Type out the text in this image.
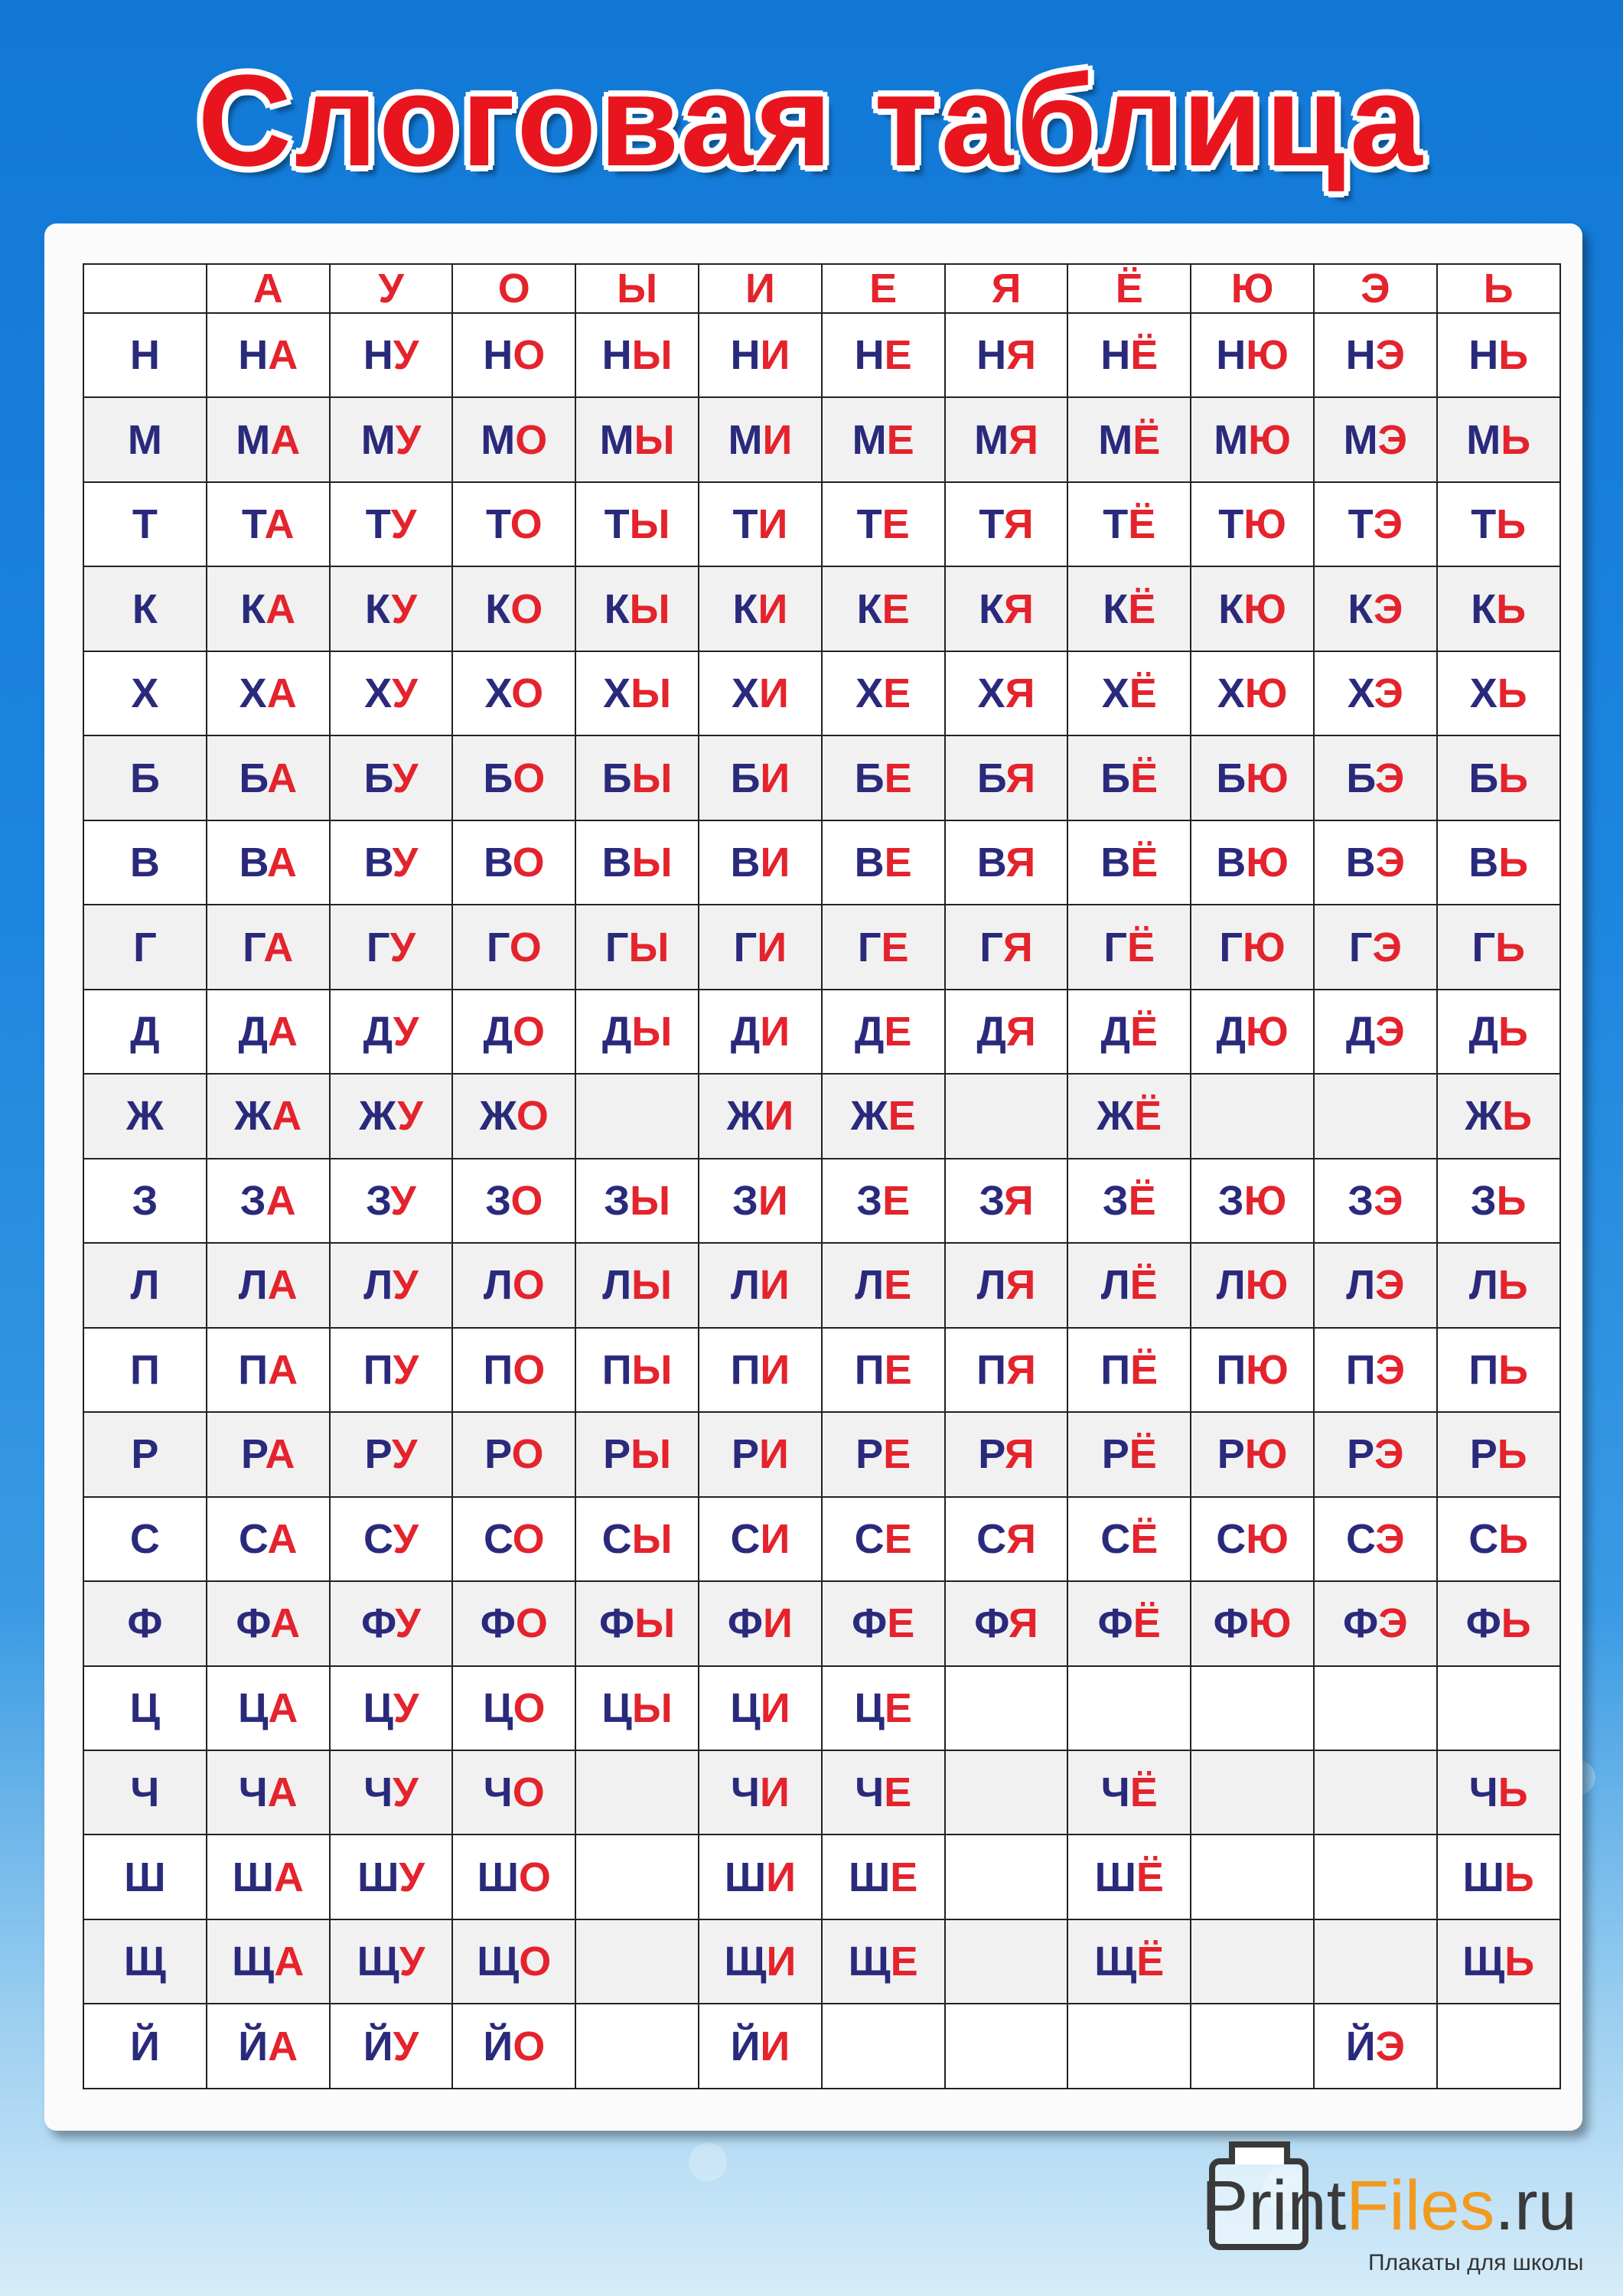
Слоговая таблица
	А	У	О	Ы	И	Е	Я	Ё	Ю	Э	Ь
Н	НА	НУ	НО	НЫ	НИ	НЕ	НЯ	НЁ	НЮ	НЭ	НЬ
М	МА	МУ	МО	МЫ	МИ	МЕ	МЯ	МЁ	МЮ	МЭ	МЬ
Т	ТА	ТУ	ТО	ТЫ	ТИ	ТЕ	ТЯ	ТЁ	ТЮ	ТЭ	ТЬ
К	КА	КУ	КО	КЫ	КИ	КЕ	КЯ	КЁ	КЮ	КЭ	КЬ
Х	ХА	ХУ	ХО	ХЫ	ХИ	ХЕ	ХЯ	ХЁ	ХЮ	ХЭ	ХЬ
Б	БА	БУ	БО	БЫ	БИ	БЕ	БЯ	БЁ	БЮ	БЭ	БЬ
В	ВА	ВУ	ВО	ВЫ	ВИ	ВЕ	ВЯ	ВЁ	ВЮ	ВЭ	ВЬ
Г	ГА	ГУ	ГО	ГЫ	ГИ	ГЕ	ГЯ	ГЁ	ГЮ	ГЭ	ГЬ
Д	ДА	ДУ	ДО	ДЫ	ДИ	ДЕ	ДЯ	ДЁ	ДЮ	ДЭ	ДЬ
Ж	ЖА	ЖУ	ЖО		ЖИ	ЖЕ		ЖЁ			ЖЬ
З	ЗА	ЗУ	ЗО	ЗЫ	ЗИ	ЗЕ	ЗЯ	ЗЁ	ЗЮ	ЗЭ	ЗЬ
Л	ЛА	ЛУ	ЛО	ЛЫ	ЛИ	ЛЕ	ЛЯ	ЛЁ	ЛЮ	ЛЭ	ЛЬ
П	ПА	ПУ	ПО	ПЫ	ПИ	ПЕ	ПЯ	ПЁ	ПЮ	ПЭ	ПЬ
Р	РА	РУ	РО	РЫ	РИ	РЕ	РЯ	РЁ	РЮ	РЭ	РЬ
С	СА	СУ	СО	СЫ	СИ	СЕ	СЯ	СЁ	СЮ	СЭ	СЬ
Ф	ФА	ФУ	ФО	ФЫ	ФИ	ФЕ	ФЯ	ФЁ	ФЮ	ФЭ	ФЬ
Ц	ЦА	ЦУ	ЦО	ЦЫ	ЦИ	ЦЕ					
Ч	ЧА	ЧУ	ЧО		ЧИ	ЧЕ		ЧЁ			ЧЬ
Ш	ША	ШУ	ШО		ШИ	ШЕ		ШЁ			ШЬ
Щ	ЩА	ЩУ	ЩО		ЩИ	ЩЕ		ЩЁ			ЩЬ
Й	ЙА	ЙУ	ЙО		ЙИ					ЙЭ	
PrintFiles.ru
Плакаты для школы
